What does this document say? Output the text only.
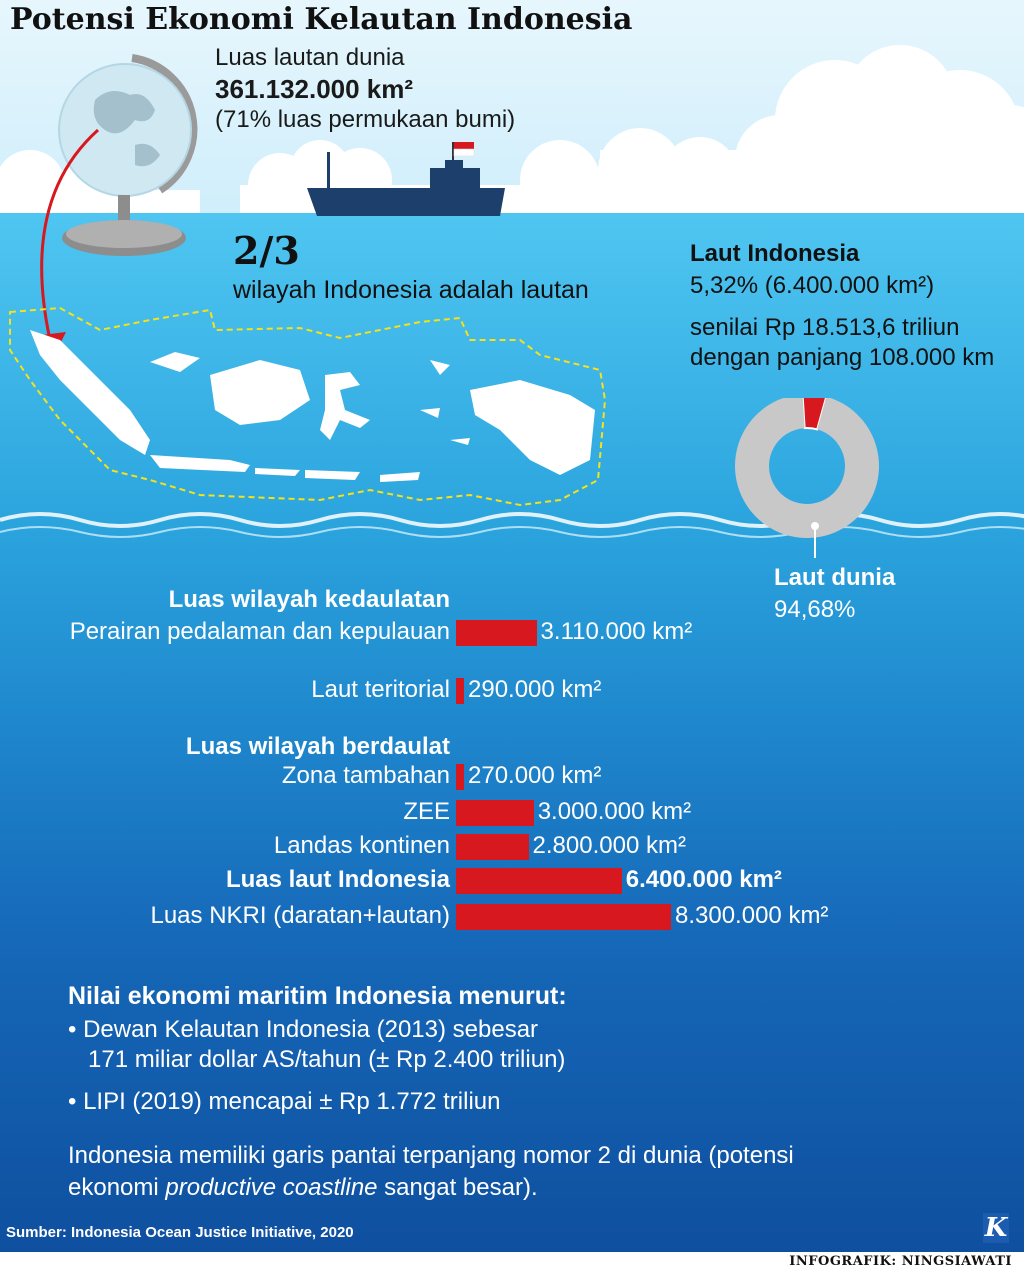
Potensi Ekonomi Kelautan Indonesia
Luas lautan dunia
361.132.000 km²
(71% luas permukaan bumi)
2/3
wilayah Indonesia adalah lautan
Laut Indonesia
5,32% (6.400.000 km²)
senilai Rp 18.513,6 triliun
dengan panjang 108.000 km
Laut dunia
94,68%
Luas wilayah kedaulatan
Perairan pedalaman dan kepulauan	3.110.000 km²
Laut teritorial 290.000 km²
Luas wilayah berdaulat
Zona tambahan 270.000 km²
ZEE	3.000.000 km²
Landas kontinen	2.800.000 km²
Luas laut Indonesia	6.400.000 km²
Luas NKRI (daratan+lautan)	8.300.000 km²
Nilai ekonomi maritim Indonesia menurut:
• Dewan Kelautan Indonesia (2013) sebesar
171 miliar dollar AS/tahun (± Rp 2.400 triliun)
• LIPI (2019) mencapai ± Rp 1.772 triliun
Indonesia memiliki garis pantai terpanjang nomor 2 di dunia (potensi
ekonomi productive coastline sangat besar).
Sumber: Indonesia Ocean Justice Initiative, 2020	K
INFOGRAFIK: NINGSIAWATI
